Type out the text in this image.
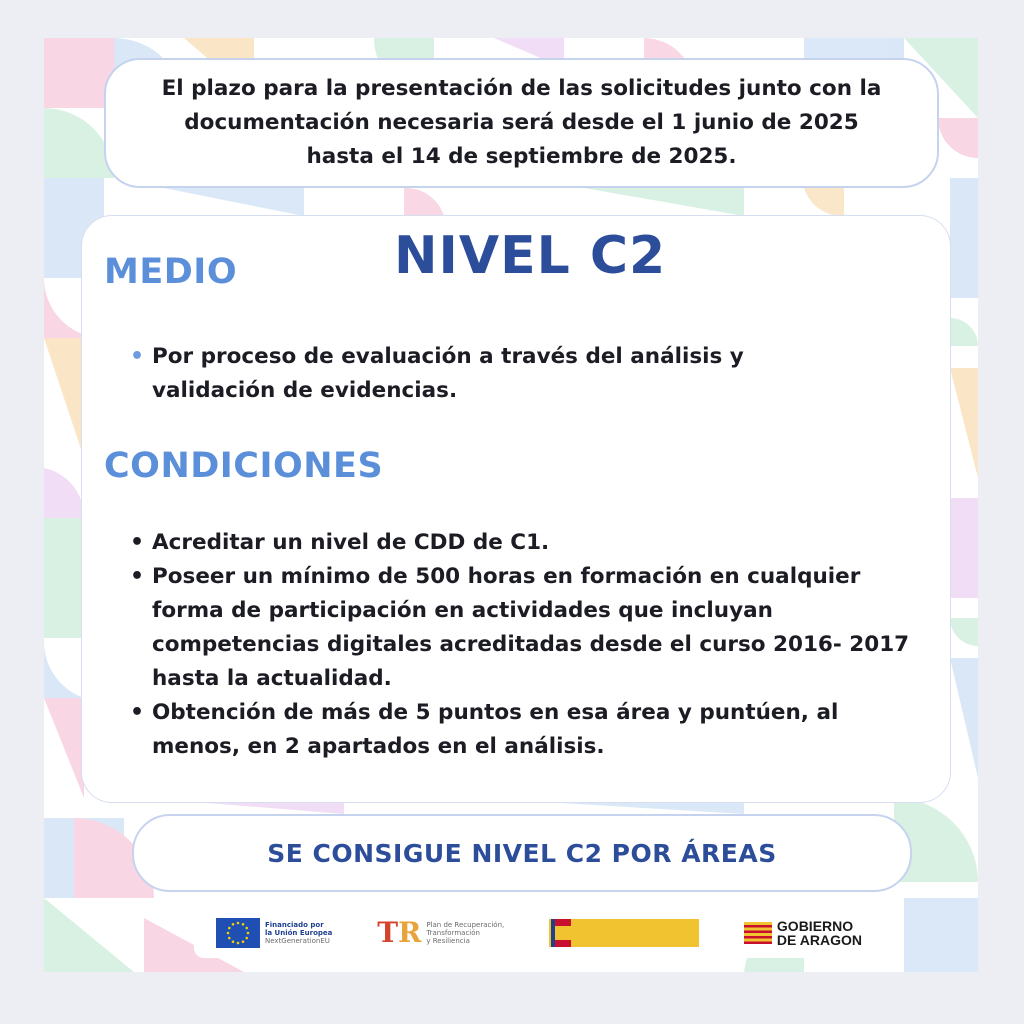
El plazo para la presentación de las solicitudes junto con la documentación necesaria será desde el 1 junio de 2025 hasta el 14 de septiembre de 2025.

NIVEL C2
MEDIO
• Por proceso de evaluación a través del análisis y validación de evidencias.
CONDICIONES
• Acreditar un nivel de CDD de C1.
• Poseer un mínimo de 500 horas en formación en cualquier forma de participación en actividades que incluyan competencias digitales acreditadas desde el curso 2016- 2017 hasta la actualidad.
• Obtención de más de 5 puntos en esa área y puntúen, al menos, en 2 apartados en el análisis.
SE CONSIGUE NIVEL C2 POR ÁREAS
Financiado por
la Unión Europea
NextGenerationEU TR Plan de Recuperación,
Transformación
y Resiliencia
GOBIERNO
DE ARAGON
